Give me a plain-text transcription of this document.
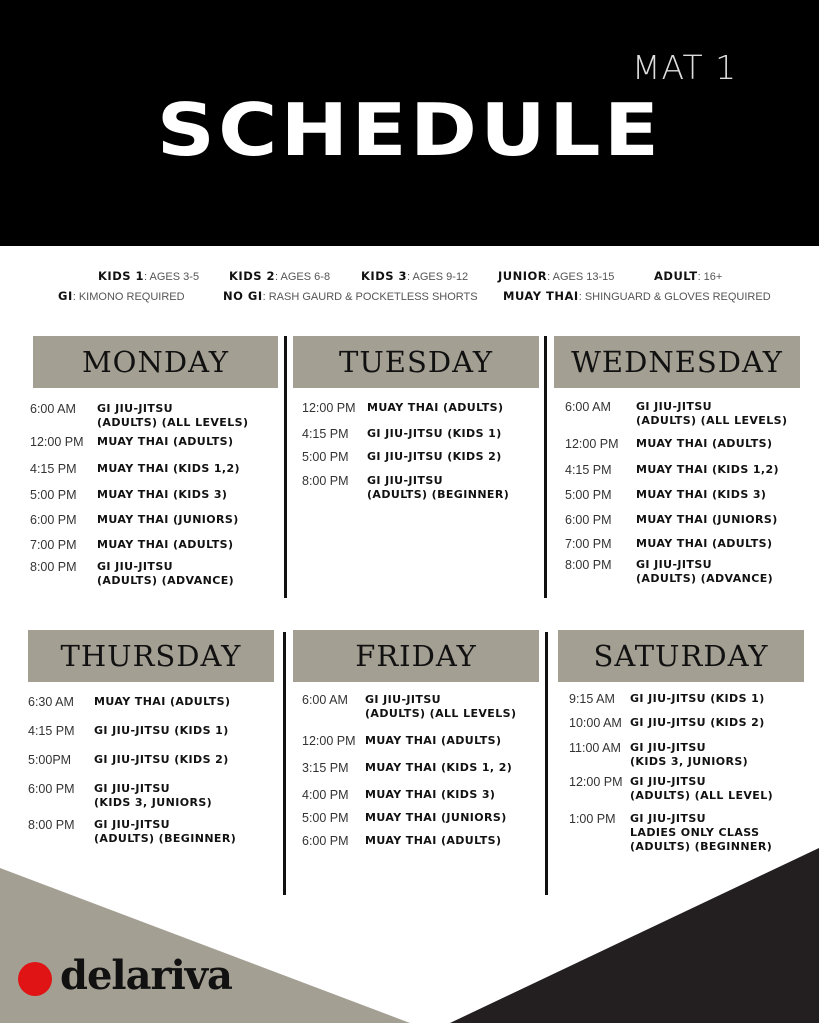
MAT 1
SCHEDULE
KIDS 1: AGES 3-5	KIDS 2: AGES 6-8	KIDS 3: AGES 9-12	JUNIOR: AGES 13-15	ADULT: 16+
GI: KIMONO REQUIRED	NO GI: RASH GAURD & POCKETLESS SHORTS MUAY THAI: SHINGUARD & GLOVES REQUIRED
delariva
MONDAY
6:00 AM GI JIU-JITSU
(ADULTS) (ALL LEVELS)
12:00 PM MUAY THAI (ADULTS)
4:15 PM MUAY THAI (KIDS 1,2)
5:00 PM MUAY THAI (KIDS 3)
6:00 PM MUAY THAI (JUNIORS)
7:00 PM MUAY THAI (ADULTS)
8:00 PM GI JIU-JITSU
(ADULTS) (ADVANCE)
TUESDAY
12:00 PM MUAY THAI (ADULTS)
4:15 PM GI JIU-JITSU (KIDS 1)
5:00 PM GI JIU-JITSU (KIDS 2)
8:00 PM GI JIU-JITSU
(ADULTS) (BEGINNER)
WEDNESDAY
6:00 AM GI JIU-JITSU
(ADULTS) (ALL LEVELS)
12:00 PM MUAY THAI (ADULTS)
4:15 PM MUAY THAI (KIDS 1,2)
5:00 PM MUAY THAI (KIDS 3)
6:00 PM MUAY THAI (JUNIORS)
7:00 PM MUAY THAI (ADULTS)
8:00 PM GI JIU-JITSU
(ADULTS) (ADVANCE)
THURSDAY
6:30 AM MUAY THAI (ADULTS)
4:15 PM GI JIU-JITSU (KIDS 1)
5:00PM GI JIU-JITSU (KIDS 2)
6:00 PM GI JIU-JITSU
(KIDS 3, JUNIORS)
8:00 PM GI JIU-JITSU
(ADULTS) (BEGINNER)
FRIDAY
6:00 AM GI JIU-JITSU
(ADULTS) (ALL LEVELS)
12:00 PM MUAY THAI (ADULTS)
3:15 PM MUAY THAI (KIDS 1, 2)
4:00 PM MUAY THAI (KIDS 3)
5:00 PM MUAY THAI (JUNIORS)
6:00 PM MUAY THAI (ADULTS)
SATURDAY
9:15 AM GI JIU-JITSU (KIDS 1)
10:00 AM GI JIU-JITSU (KIDS 2)
11:00 AM GI JIU-JITSU
(KIDS 3, JUNIORS)
12:00 PM GI JIU-JITSU
(ADULTS) (ALL LEVEL)
1:00 PM GI JIU-JITSU
LADIES ONLY CLASS
(ADULTS) (BEGINNER)
